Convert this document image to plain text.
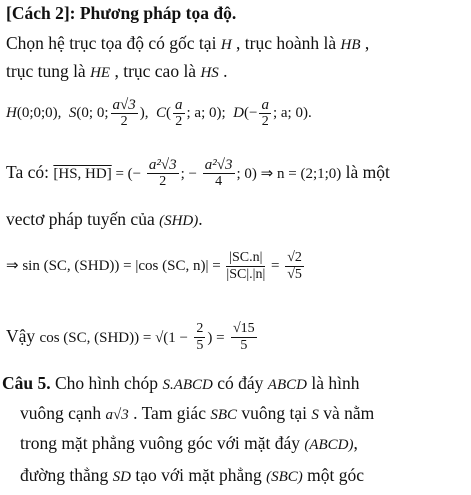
[Cách 2]: Phương pháp tọa độ.
Chọn hệ trục tọa độ có gốc tại H , trục hoành là HB ,
trục tung là HE , trục cao là HS .
H(0;0;0), S(0; 0; $\frac{a√3}{2}$ ), $C( \frac{a}{2}$ ; a; 0); $D(- \frac{a}{2}$ ; a; 0).
Ta có: [HS, HD] = (− $\frac{\text{a²√3}}{2}$ ; − $\frac{\text{a²√3}}{4}$ ; 0) ⇒ n = (2;1;0) là một
vectơ pháp tuyến của (SHD).
⇒ sin (SC, (SHD)) = |cos (SC, $n)| = \frac{|SC.n|}{|SC|.|n|} = \frac{√2}{√5}$
Vậy cos (SC, $(SHD)) = √(1 - \frac{2}{5}$ ) = $\frac{√15}{5}$
Câu 5. Cho hình chóp S.ABCD có đáy ABCD là hình
vuông cạnh a√3 . Tam giác SBC vuông tại S và nằm
trong mặt phẳng vuông góc với mặt đáy (ABCD),
đường thẳng SD tạo với mặt phẳng (SBC) một góc
